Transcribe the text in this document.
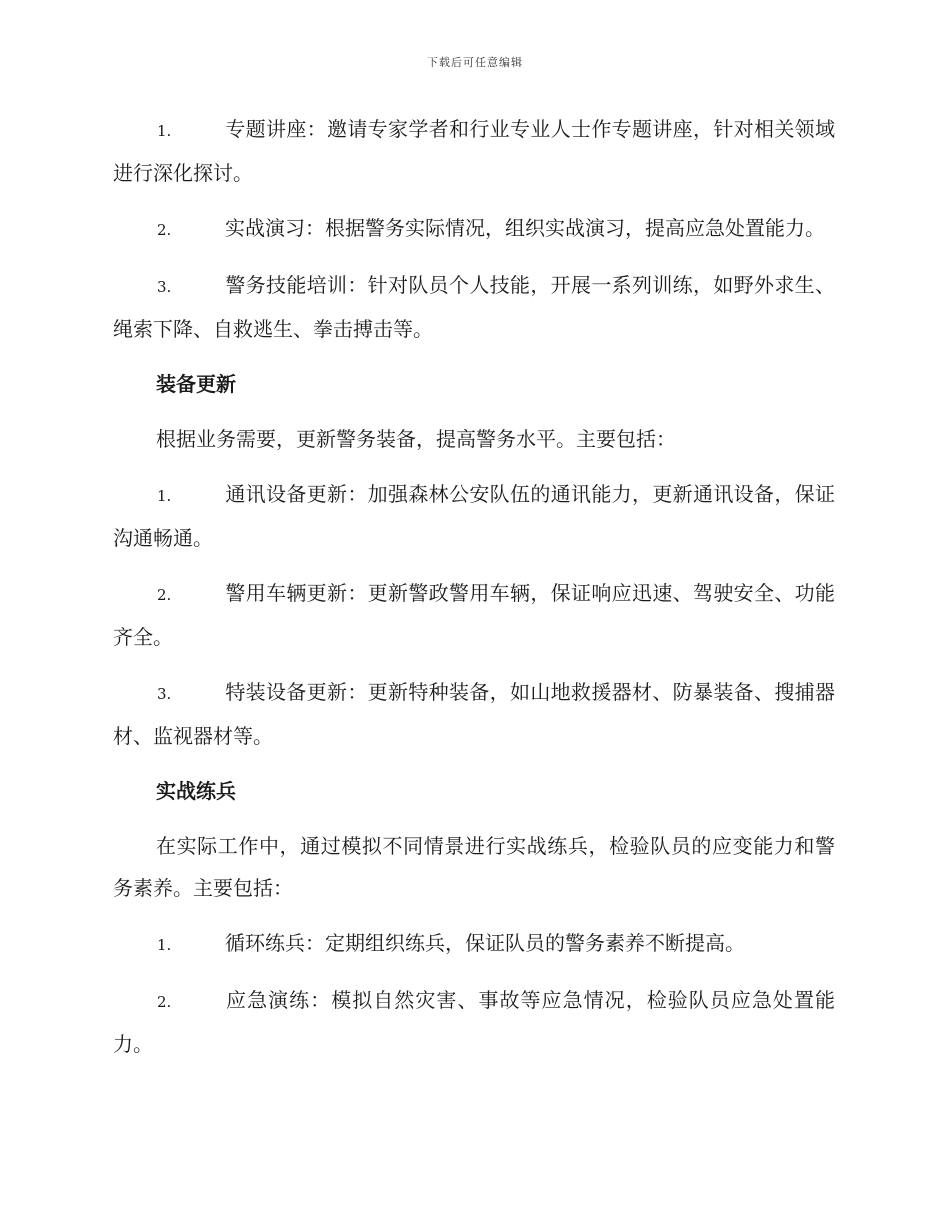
下载后可任意编辑

1.	专题讲座：邀请专家学者和行业专业人士作专题讲座，针对相关领域进行深化探讨。

2.	实战演习：根据警务实际情况，组织实战演习，提高应急处置能力。

3.	警务技能培训：针对队员个人技能，开展一系列训练，如野外求生、绳索下降、自救逃生、拳击搏击等。

装备更新

根据业务需要，更新警务装备，提高警务水平。主要包括：

1.	通讯设备更新：加强森林公安队伍的通讯能力，更新通讯设备，保证沟通畅通。

2.	警用车辆更新：更新警政警用车辆，保证响应迅速、驾驶安全、功能齐全。

3.	特装设备更新：更新特种装备，如山地救援器材、防暴装备、搜捕器材、监视器材等。

实战练兵

在实际工作中，通过模拟不同情景进行实战练兵，检验队员的应变能力和警务素养。主要包括：

1.	循环练兵：定期组织练兵，保证队员的警务素养不断提高。

2.	应急演练：模拟自然灾害、事故等应急情况，检验队员应急处置能力。
